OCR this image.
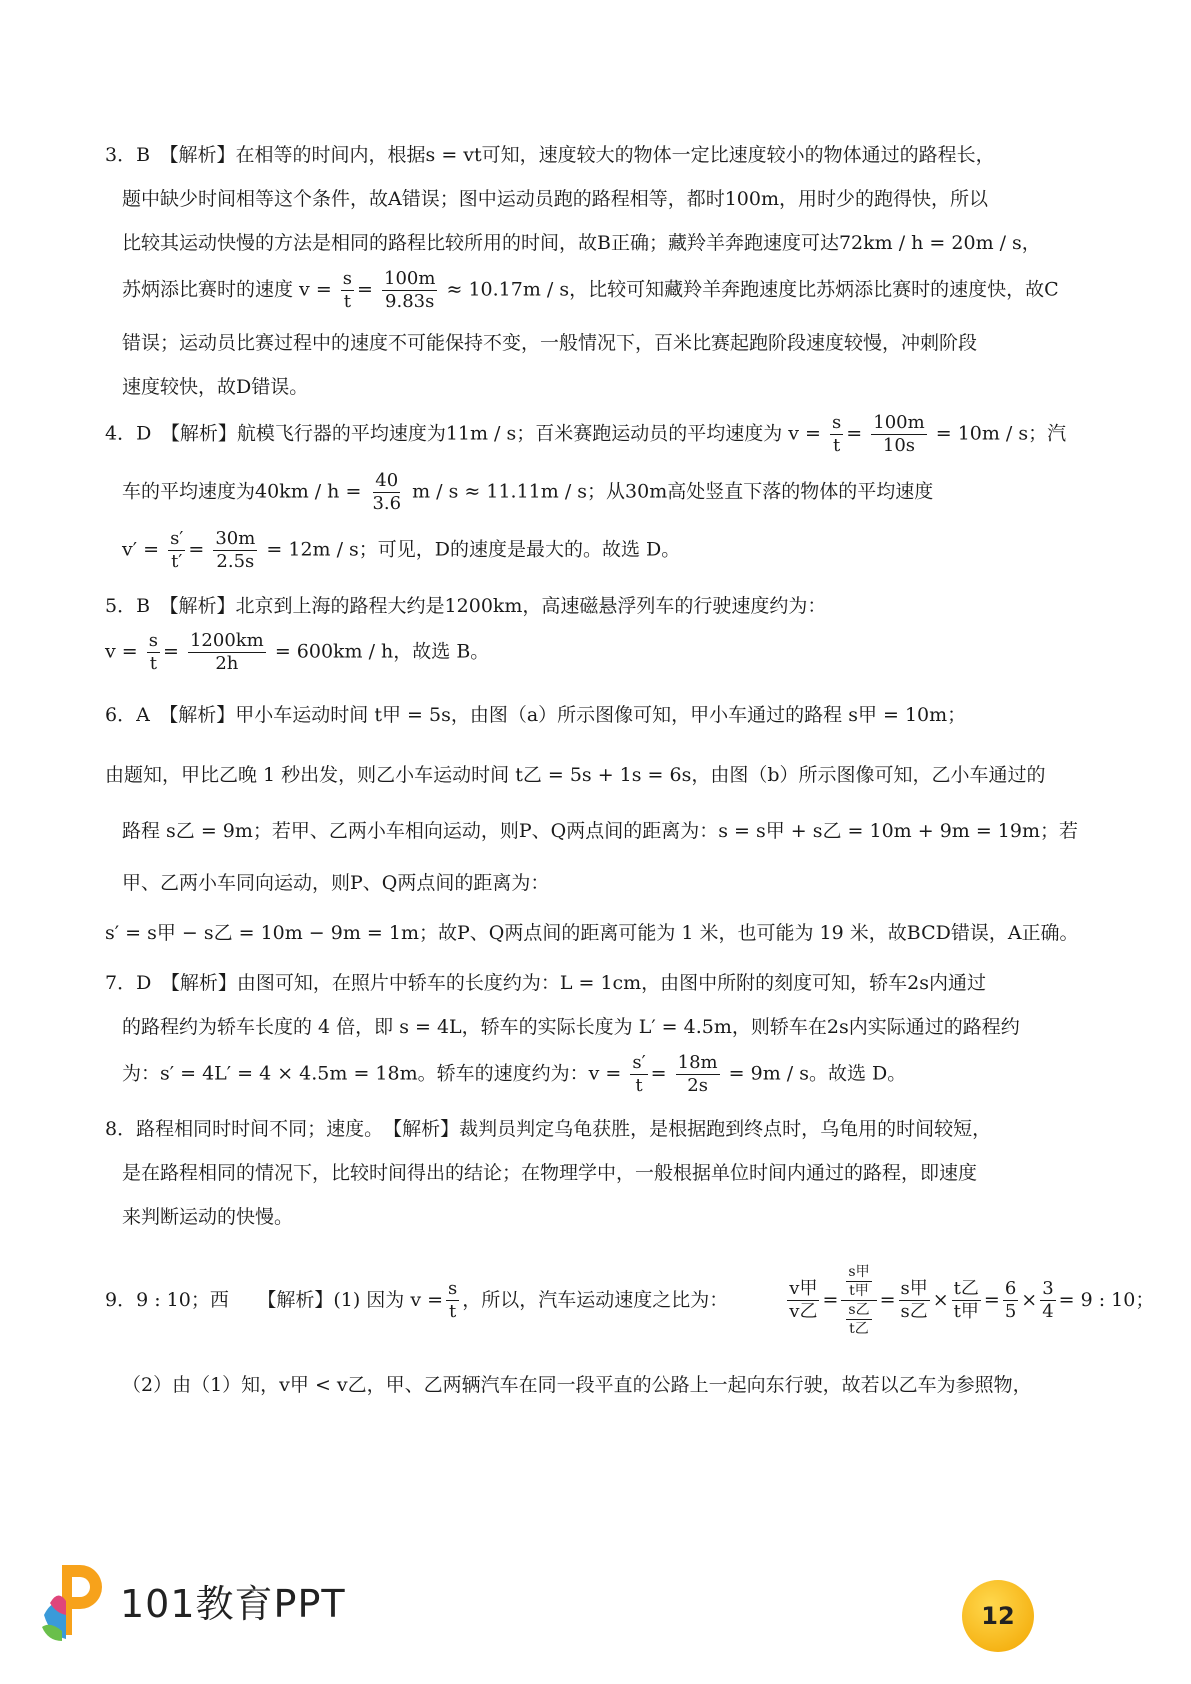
3．B　【解析】在相等的时间内，根据s = vt可知，速度较大的物体一定比速度较小的物体通过的路程长，
题中缺少时间相等这个条件，故A错误；图中运动员跑的路程相等，都时100m，用时少的跑得快，所以
比较其运动快慢的方法是相同的路程比较所用的时间，故B正确；藏羚羊奔跑速度可达72km / h = 20m / s，
苏炳添比赛时的速度 $v = \frac{s}{t} = \frac{100m}{9.83s} \approx 10.17m / s$，比较可知藏羚羊奔跑速度比苏炳添比赛时的速度快，故C
错误；运动员比赛过程中的速度不可能保持不变，一般情况下，百米比赛起跑阶段速度较慢，冲刺阶段
速度较快，故D错误。
4．D　【解析】航模飞行器的平均速度为11m / s；百米赛跑运动员的平均速度为 $v = \frac{s}{t} = \frac{100m}{10s} = 10m / s$；汽
车的平均速度为$40km / h = \frac{40}{3.6}$ m / s ≈ 11.11m / s；从30m高处竖直下落的物体的平均速度
$v' = \frac{s'}{t'} = \frac{30m}{2.5s} = 12m / s$；可见，D的速度是最大的。故选 D。
5．B　【解析】北京到上海的路程大约是1200km，高速磁悬浮列车的行驶速度约为：
$v = \frac{s}{t} = \frac{1200km}{2h} = 600km / h$，故选 B。
6．A　【解析】甲小车运动时间 t甲 = 5s，由图（a）所示图像可知，甲小车通过的路程 s甲 = 10m；
由题知，甲比乙晚 1 秒出发，则乙小车运动时间 t乙 = 5s + 1s = 6s，由图（b）所示图像可知，乙小车通过的
路程 s乙 = 9m；若甲、乙两小车相向运动，则P、Q两点间的距离为：s = s甲 + s乙 = 10m + 9m = 19m；若
甲、乙两小车同向运动，则P、Q两点间的距离为：
s′ = s甲 − s乙 = 10m − 9m = 1m；故P、Q两点间的距离可能为 1 米，也可能为 19 米，故BCD错误，A正确。
7．D　【解析】由图可知，在照片中轿车的长度约为：L = 1cm，由图中所附的刻度可知，轿车2s内通过
的路程约为轿车长度的 4 倍，即 s = 4L，轿车的实际长度为 L′ = 4.5m，则轿车在2s内实际通过的路程约
为：s′ = 4L′ = 4 × 4.5m = 18m。轿车的速度约为：$v = \frac{s'}{t} = \frac{18m}{2s} = 9m / s$。故选 D。
8．路程相同时时间不同；速度。　【解析】裁判员判定乌龟获胜，是根据跑到终点时，乌龟用的时间较短，
是在路程相同的情况下，比较时间得出的结论；在物理学中，一般根据单位时间内通过的路程，即速度
来判断运动的快慢。
9．9 : 10；西　　【解析】(1) 因为 $v = \frac{s}{t}$ ，所以，汽车运动速度之比为：	$\frac{\text{v甲}}{\text{v乙}} = \frac{\frac{\text{s甲}}{\text{t甲}}}{\frac{\text{s乙}}{\text{t乙}}} = \frac{\text{s甲}}{\text{s乙}} \times \frac{\text{t乙}}{\text{t甲}} = \frac{6}{5} \times \frac{3}{4} = 9$ : 10；
（2）由（1）知，v甲 < v乙，甲、乙两辆汽车在同一段平直的公路上一起向东行驶，故若以乙车为参照物，
101教育PPT	12
